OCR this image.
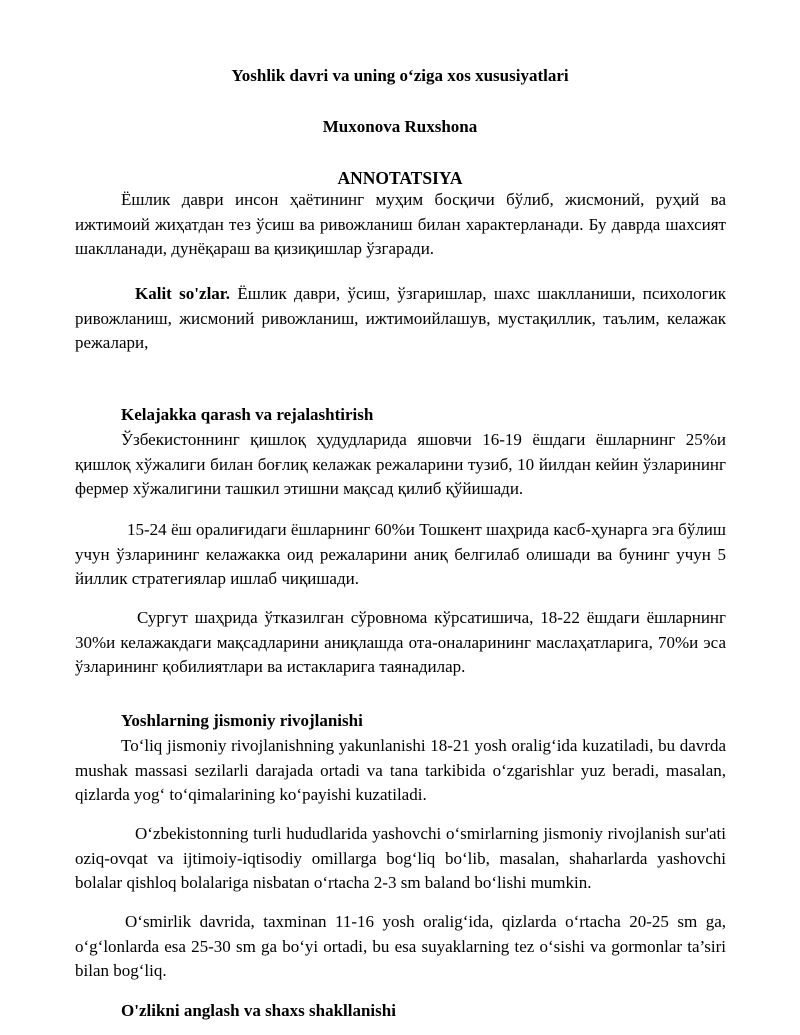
Yoshlik davri va uning o‘ziga xos xususiyatlari
Muxonova Ruxshona
ANNOTATSIYA
Ёшлик даври инсон ҳаётининг муҳим босқичи бўлиб, жисмоний, руҳий ва ижтимоий жиҳатдан тез ўсиш ва ривожланиш билан характерланади. Бу даврда шахсият шаклланади, дунёқараш ва қизиқишлар ўзгаради.
Kalit so'zlar. Ёшлик даври, ўсиш, ўзгаришлар, шахс шаклланиши, психологик ривожланиш, жисмоний ривожланиш, ижтимоийлашув, мустақиллик, таълим, келажак режалари,
Kelajakka qarash va rejalashtirish
Ўзбекистоннинг қишлоқ ҳудудларида яшовчи 16-19 ёшдаги ёшларнинг 25%и қишлоқ хўжалиги билан боғлиқ келажак режаларини тузиб, 10 йилдан кейин ўзларининг фермер хўжалигини ташкил этишни мақсад қилиб қўйишади.
15-24 ёш оралиғидаги ёшларнинг 60%и Тошкент шаҳрида касб-ҳунарга эга бўлиш учун ўзларининг келажакка оид режаларини аниқ белгилаб олишади ва бунинг учун 5 йиллик стратегиялар ишлаб чиқишади.
Сургут шаҳрида ўтказилган сўровнома кўрсатишича, 18-22 ёшдаги ёшларнинг 30%и келажакдаги мақсадларини аниқлашда ота-оналарининг маслаҳатларига, 70%и эса ўзларининг қобилиятлари ва истакларига таянадилар.
Yoshlarning jismoniy rivojlanishi
To‘liq jismoniy rivojlanishning yakunlanishi 18-21 yosh oralig‘ida kuzatiladi, bu davrda mushak massasi sezilarli darajada ortadi va tana tarkibida o‘zgarishlar yuz beradi, masalan, qizlarda yog‘ to‘qimalarining ko‘payishi kuzatiladi.
O‘zbekistonning turli hududlarida yashovchi o‘smirlarning jismoniy rivojlanish sur'ati oziq-ovqat va ijtimoiy-iqtisodiy omillarga bog‘liq bo‘lib, masalan, shaharlarda yashovchi bolalar qishloq bolalariga nisbatan o‘rtacha 2-3 sm baland bo‘lishi mumkin.
O‘smirlik davrida, taxminan 11-16 yosh oralig‘ida, qizlarda o‘rtacha 20-25 sm ga, o‘g‘lonlarda esa 25-30 sm ga bo‘yi ortadi, bu esa suyaklarning tez o‘sishi va gormonlar ta’siri bilan bog‘liq.
O'zlikni anglash va shaxs shakllanishi
